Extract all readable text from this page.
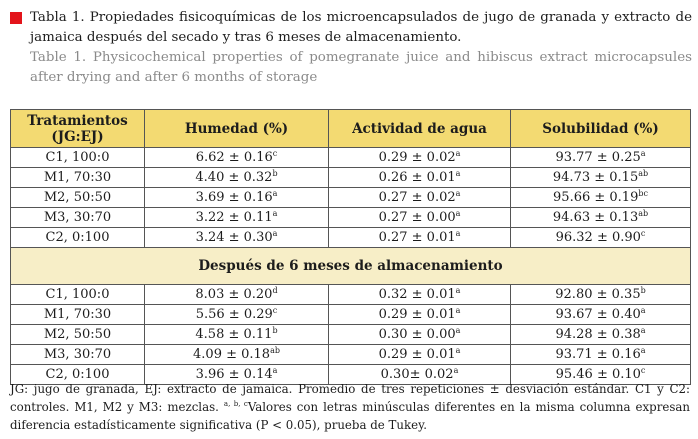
Tabla 1. Propiedades fisicoquímicas de los microencapsulados de jugo de granada y extracto de jamaica después del secado y tras 6 meses de almacenamiento.

Table 1. Physicochemical properties of pomegranate juice and hibiscus extract microcapsules after drying and after 6 months of storage

Tratamientos (JG:EJ)	Humedad (%)	Actividad de agua	Solubilidad (%)
C1, 100:0	6.62 ± 0.16$^c$	0.29 ± 0.02$^a$	93.77 ± 0.25$^a$
M1, 70:30	4.40 ± 0.32$^b$	0.26 ± 0.01$^a$	94.73 ± 0.15$^{ab}$
M2, 50:50	3.69 ± 0.16$^a$	0.27 ± 0.02$^a$	95.66 ± 0.19$^{bc}$
M3, 30:70	3.22 ± 0.11$^a$	0.27 ± 0.00$^a$	94.63 ± 0.13$^{ab}$
C2, 0:100	3.24 ± 0.30$^a$	0.27 ± 0.01$^a$	96.32 ± 0.90$^c$
Después de 6 meses de almacenamiento			
C1, 100:0	8.03 ± 0.20$^d$	0.32 ± 0.01$^a$	92.80 ± 0.35$^b$
M1, 70:30	5.56 ± 0.29$^c$	0.29 ± 0.01$^a$	93.67 ± 0.40$^a$
M2, 50:50	4.58 ± 0.11$^b$	0.30 ± 0.00$^a$	94.28 ± 0.38$^a$
M3, 30:70	4.09 ± 0.18$^{ab}$	0.29 ± 0.01$^a$	93.71 ± 0.16$^a$
C2, 0:100	3.96 ± 0.14$^a$	0.30± 0.02$^a$	95.46 ± 0.10$^c$

JG: jugo de granada, EJ: extracto de jamaica. Promedio de tres repeticiones ± desviación estándar. C1 y C2: controles. M1, M2 y M3: mezclas. $^{a, b, c}$Valores con letras minúsculas diferentes en la misma columna expresan diferencia estadísticamente significativa (P < 0.05), prueba de Tukey.
